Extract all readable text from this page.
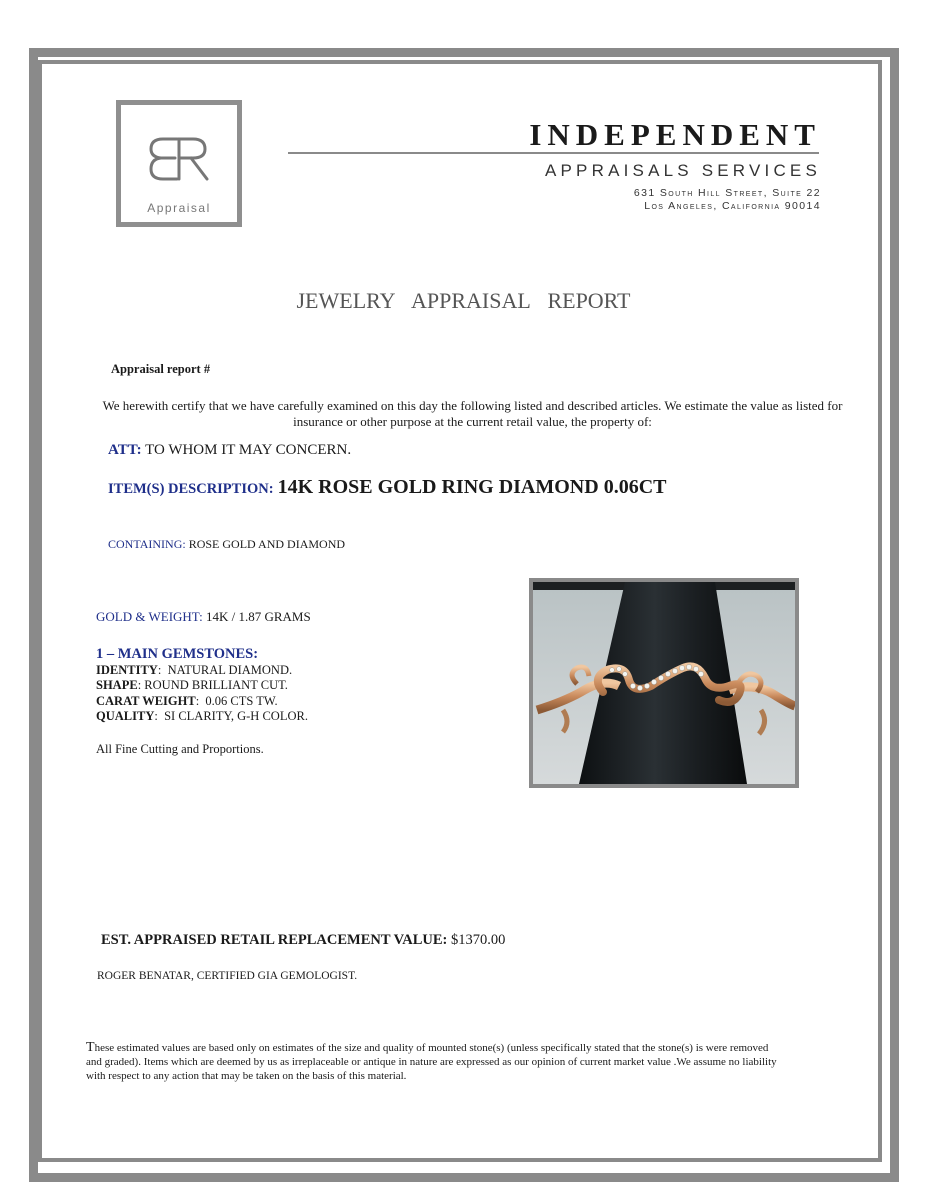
Appraisal
INDEPENDENT
APPRAISALS SERVICES
631 South Hill Street, Suite 22
Los Angeles, California 90014
JEWELRY APPRAISAL REPORT
Appraisal report #
We herewith certify that we have carefully examined on this day the following listed and described articles. We estimate the value as listed for insurance or other purpose at the current retail value, the property of:
ATT: TO WHOM IT MAY CONCERN.
ITEM(S) DESCRIPTION: 14K ROSE GOLD RING DIAMOND 0.06CT
CONTAINING: ROSE GOLD AND DIAMOND
GOLD & WEIGHT: 14K / 1.87 GRAMS
1 – MAIN GEMSTONES:
IDENTITY:  NATURAL DIAMOND.
SHAPE: ROUND BRILLIANT CUT.
CARAT WEIGHT:  0.06 CTS TW.
QUALITY:  SI CLARITY, G-H COLOR.
All Fine Cutting and Proportions.
EST. APPRAISED RETAIL REPLACEMENT VALUE: $1370.00
ROGER BENATAR, CERTIFIED GIA GEMOLOGIST.
These estimated values are based only on estimates of the size and quality of mounted stone(s) (unless specifically stated that the stone(s) is were removed and graded). Items which are deemed by us as irreplaceable or antique in nature are expressed as our opinion of current market value .We assume no liability with respect to any action that may be taken on the basis of this material.
